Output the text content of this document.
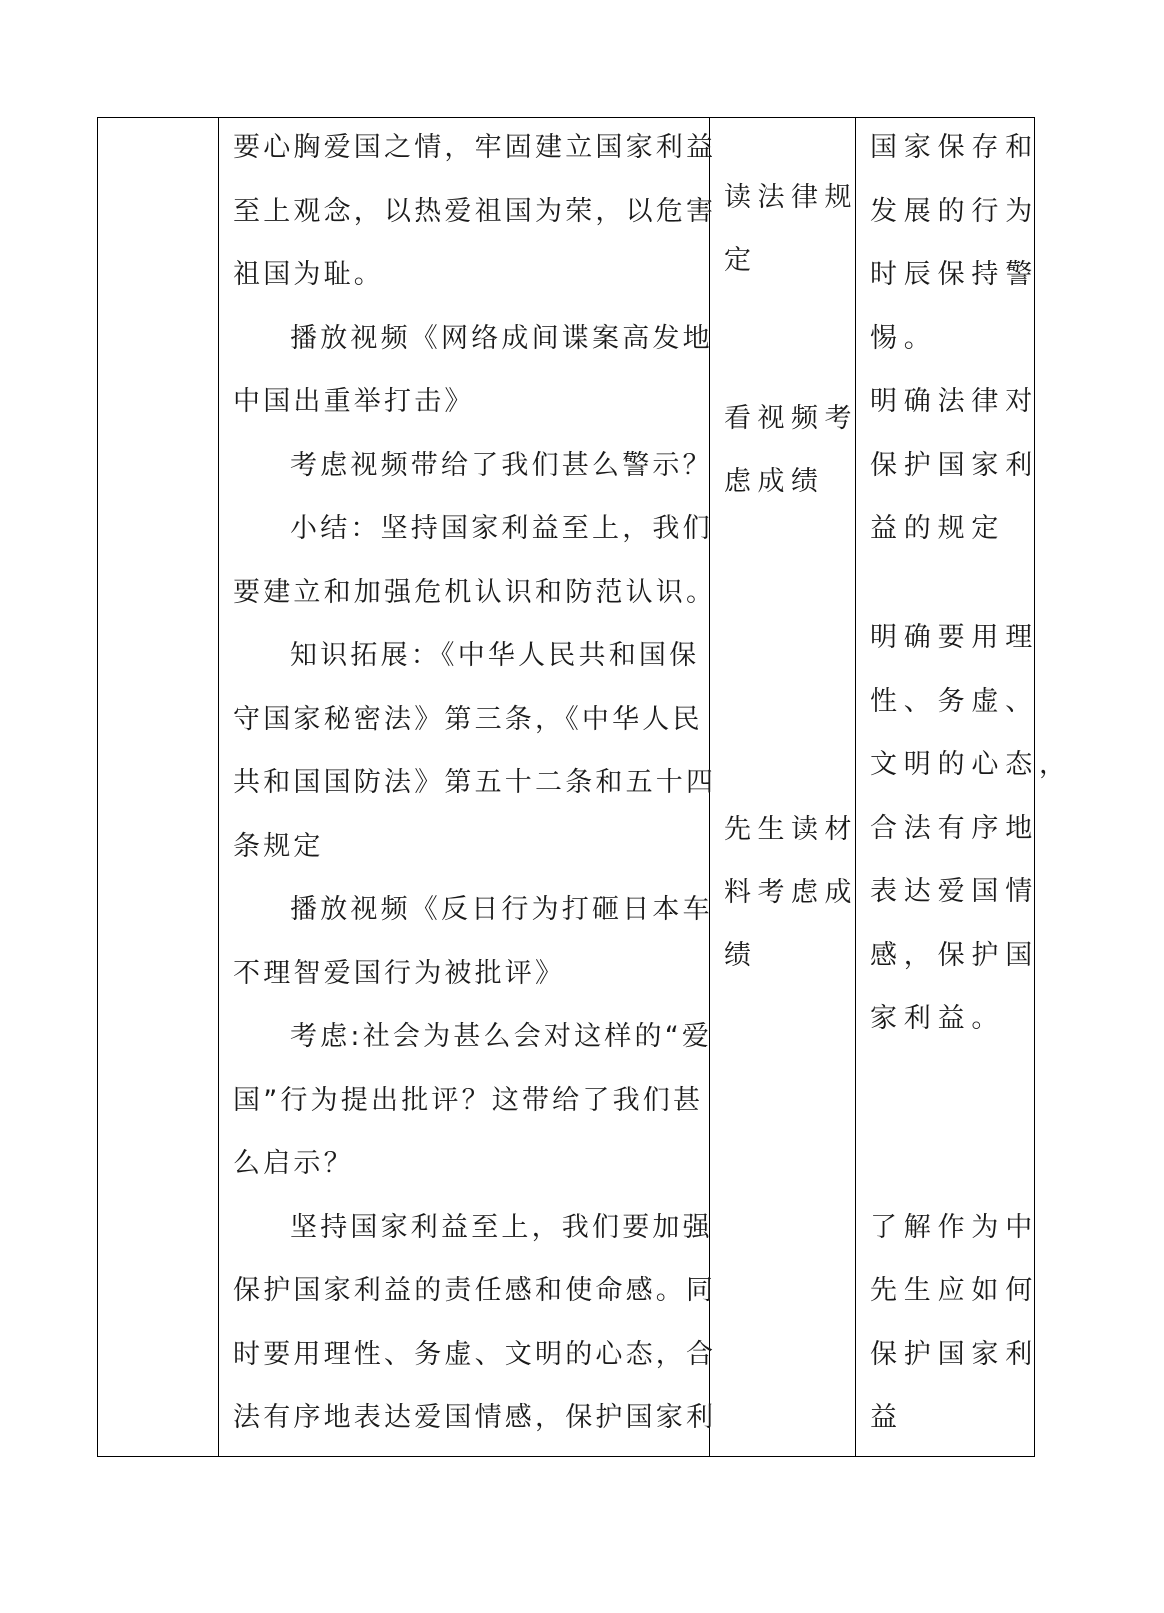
要心胸爱国之情，牢固建立国家利益
至上观念，以热爱祖国为荣，以危害
祖国为耻。
播放视频《网络成间谍案高发地
中国出重举打击》
考虑视频带给了我们甚么警示？
小结：坚持国家利益至上，我们
要建立和加强危机认识和防范认识。
知识拓展：《中华人民共和国保
守国家秘密法》第三条，《中华人民
共和国国防法》第五十二条和五十四
条规定
播放视频《反日行为打砸日本车
不理智爱国行为被批评》
考虑:社会为甚么会对这样的“爱
国”行为提出批评？这带给了我们甚
么启示？
坚持国家利益至上，我们要加强
保护国家利益的责任感和使命感。同
时要用理性、务虚、文明的心态，合
法有序地表达爱国情感，保护国家利
读法律规
定
看视频考
虑成绩
先生读材
料考虑成
绩
国家保存和
发展的行为
时辰保持警
惕。
明确法律对
保护国家利
益的规定
明确要用理
性、务虚、
文明的心态，
合法有序地
表达爱国情
感，保护国
家利益。
了解作为中
先生应如何
保护国家利
益
